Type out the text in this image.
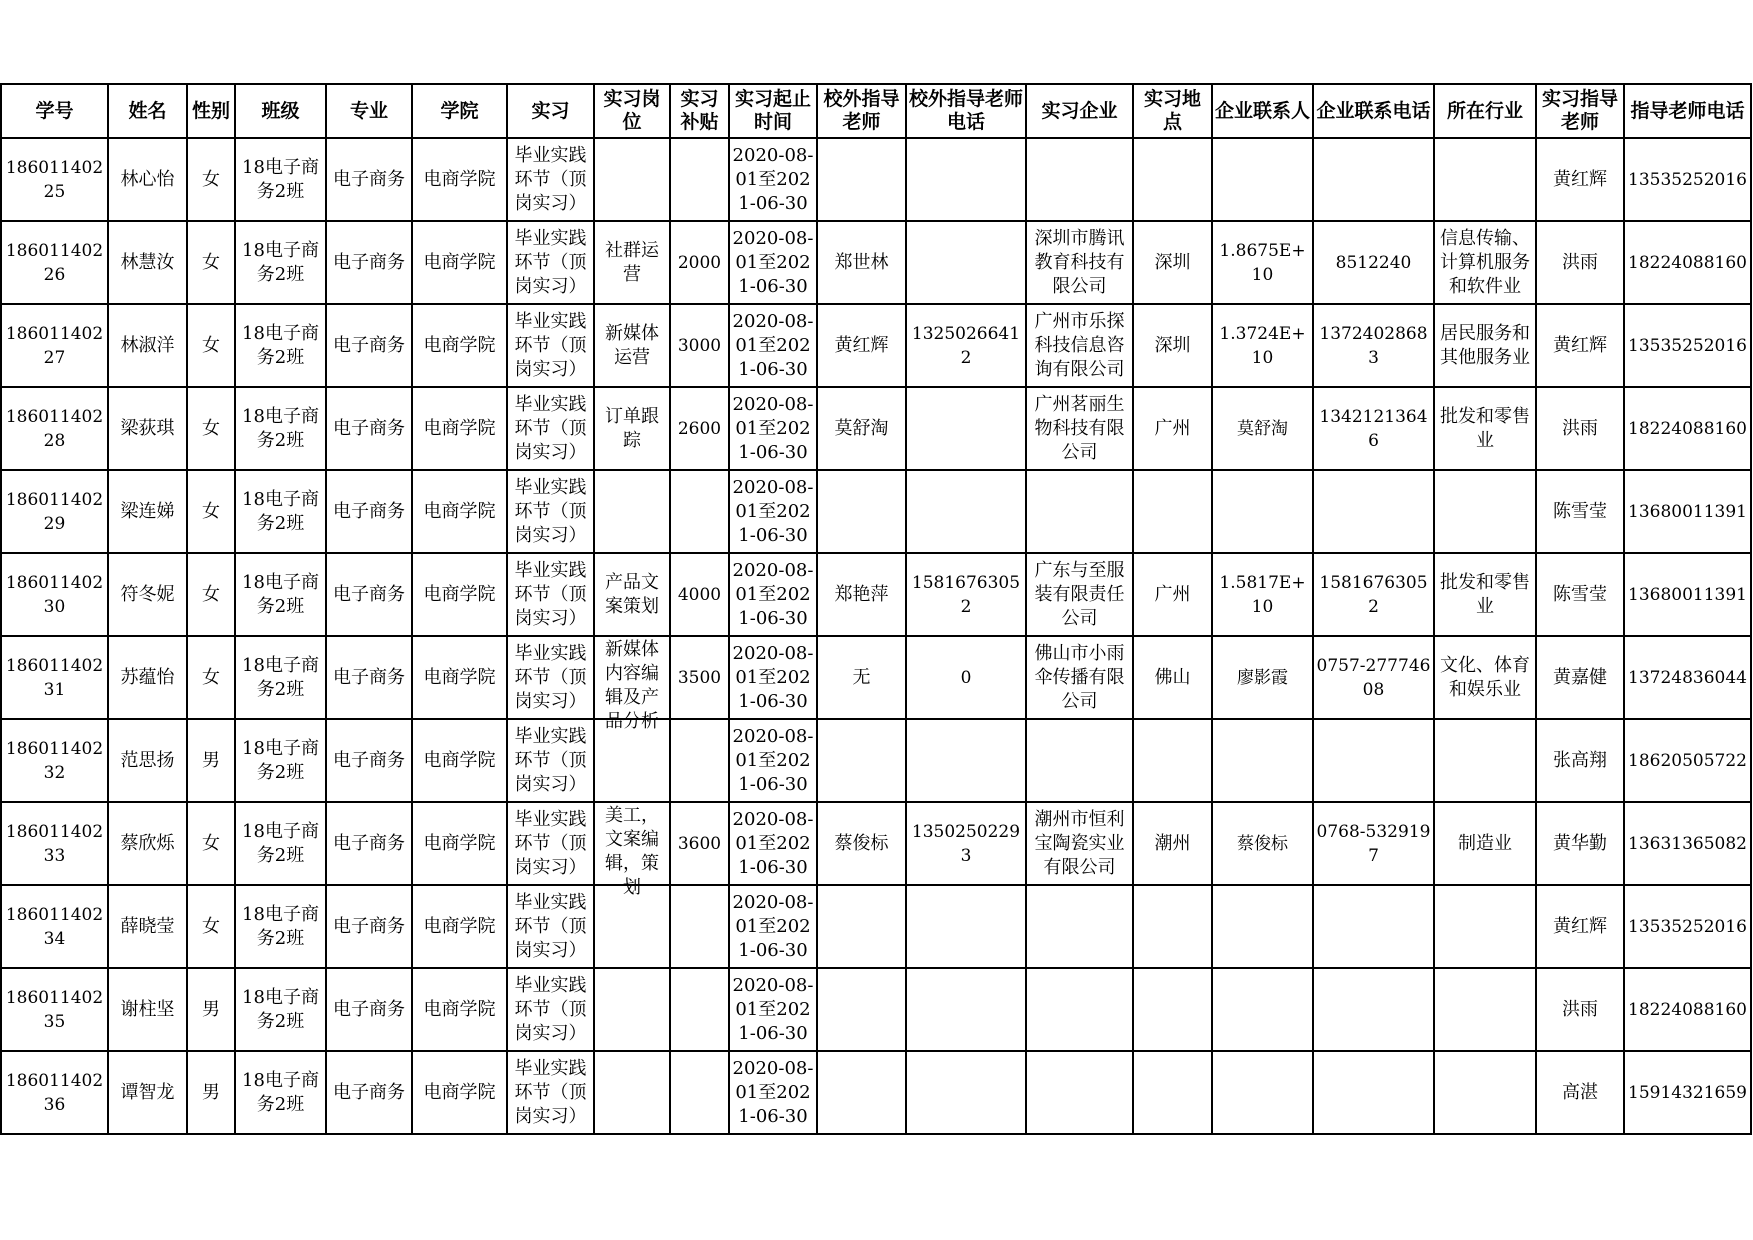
学号	姓名	性别	班级	专业	学院	实习	实习岗位	实习补贴	实习起止时间	校外指导老师	校外指导老师电话	实习企业	实习地点	企业联系人	企业联系电话	所在行业	实习指导老师	指导老师电话

18601140225	林心怡	女	18电子商务2班	电子商务	电商学院	毕业实践环节（顶岗实习）			2020-08-01至2021-06-30								黄红辉	13535252016

18601140226	林慧汝	女	18电子商务2班	电子商务	电商学院	毕业实践环节（顶岗实习）	社群运营	2000	2020-08-01至2021-06-30	郑世林		深圳市腾讯教育科技有限公司	深圳	1.8675E+10	8512240	信息传输、计算机服务和软件业	洪雨	18224088160

18601140227	林淑洋	女	18电子商务2班	电子商务	电商学院	毕业实践环节（顶岗实习）	新媒体运营	3000	2020-08-01至2021-06-30	黄红辉	13250266412	广州市乐探科技信息咨询有限公司	深圳	1.3724E+10	13724028683	居民服务和其他服务业	黄红辉	13535252016

18601140228	梁荻琪	女	18电子商务2班	电子商务	电商学院	毕业实践环节（顶岗实习）	订单跟踪	2600	2020-08-01至2021-06-30	莫舒淘		广州茗丽生物科技有限公司	广州	莫舒淘	13421213646	批发和零售业	洪雨	18224088160

18601140229	梁连娣	女	18电子商务2班	电子商务	电商学院	毕业实践环节（顶岗实习）			2020-08-01至2021-06-30								陈雪莹	13680011391

18601140230	符冬妮	女	18电子商务2班	电子商务	电商学院	毕业实践环节（顶岗实习）	产品文案策划	4000	2020-08-01至2021-06-30	郑艳萍	15816763052	广东与至服装有限责任公司	广州	1.5817E+10	15816763052	批发和零售业	陈雪莹	13680011391

18601140231	苏蕴怡	女	18电子商务2班	电子商务	电商学院	毕业实践环节（顶岗实习）	新媒体内容编辑及产品分析	3500	2020-08-01至2021-06-30	无	0	佛山市小雨伞传播有限公司	佛山	廖影霞	0757-27774608	文化、体育和娱乐业	黄嘉健	13724836044

18601140232	范思扬	男	18电子商务2班	电子商务	电商学院	毕业实践环节（顶岗实习）			2020-08-01至2021-06-30								张高翔	18620505722

18601140233	蔡欣烁	女	18电子商务2班	电子商务	电商学院	毕业实践环节（顶岗实习）	美工，文案编辑，策划	3600	2020-08-01至2021-06-30	蔡俊标	13502502293	潮州市恒利宝陶瓷实业有限公司	潮州	蔡俊标	0768-5329197	制造业	黄华勤	13631365082

18601140234	薛晓莹	女	18电子商务2班	电子商务	电商学院	毕业实践环节（顶岗实习）			2020-08-01至2021-06-30								黄红辉	13535252016

18601140235	谢柱坚	男	18电子商务2班	电子商务	电商学院	毕业实践环节（顶岗实习）			2020-08-01至2021-06-30								洪雨	18224088160

18601140236	谭智龙	男	18电子商务2班	电子商务	电商学院	毕业实践环节（顶岗实习）			2020-08-01至2021-06-30								高湛	15914321659
